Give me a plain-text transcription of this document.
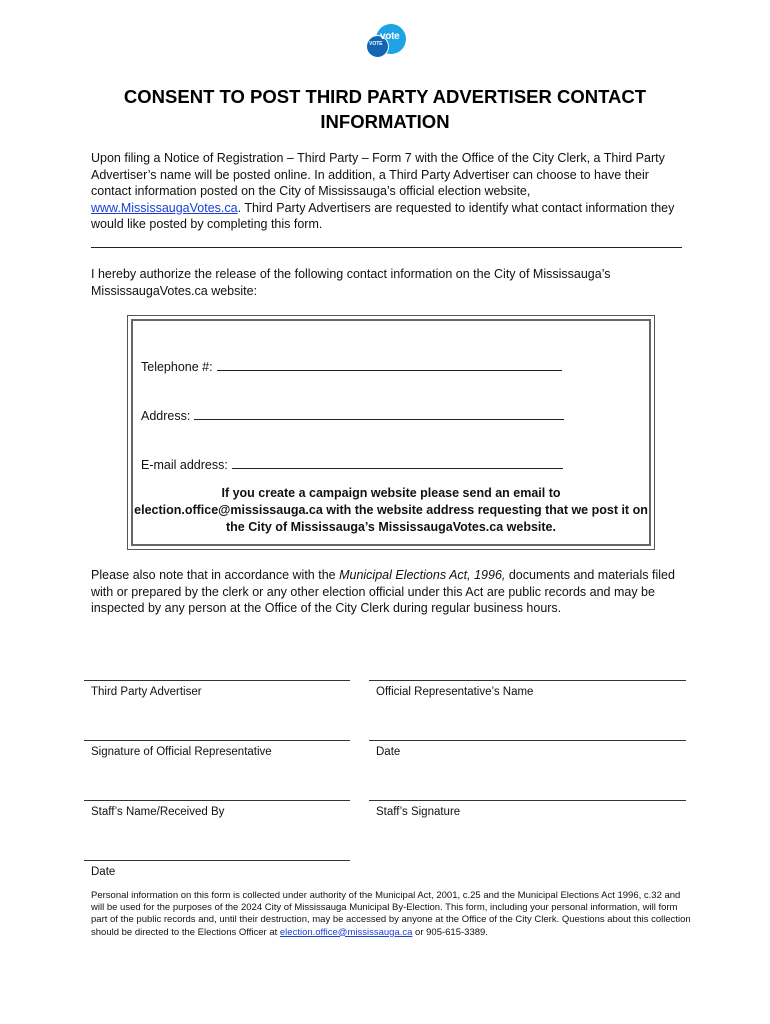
vote
VOTE
CONSENT TO POST THIRD PARTY ADVERTISER CONTACT INFORMATION

Upon filing a Notice of Registration – Third Party – Form 7 with the Office of the City Clerk, a Third Party Advertiser’s name will be posted online. In addition, a Third Party Advertiser can choose to have their contact information posted on the City of Mississauga’s official election website, www.MississaugaVotes.ca. Third Party Advertisers are requested to identify what contact information they would like posted by completing this form.

I hereby authorize the release of the following contact information on the City of Mississauga’s MississaugaVotes.ca website:

Telephone #:
Address:
E-mail address:

If you create a campaign website please send an email to election.office@mississauga.ca with the website address requesting that we post it on the City of Mississauga’s MississaugaVotes.ca website.

Please also note that in accordance with the Municipal Elections Act, 1996, documents and materials filed with or prepared by the clerk or any other election official under this Act are public records and may be inspected by any person at the Office of the City Clerk during regular business hours.

Third Party Advertiser	Official Representative’s Name
Signature of Official Representative	Date
Staff’s Name/Received By	Staff’s Signature
Date

Personal information on this form is collected under authority of the Municipal Act, 2001, c.25 and the Municipal Elections Act 1996, c.32 and will be used for the purposes of the 2024 City of Mississauga Municipal By-Election. This form, including your personal information, will form part of the public records and, until their destruction, may be accessed by anyone at the Office of the City Clerk. Questions about this collection should be directed to the Elections Officer at election.office@mississauga.ca or 905-615-3389.
